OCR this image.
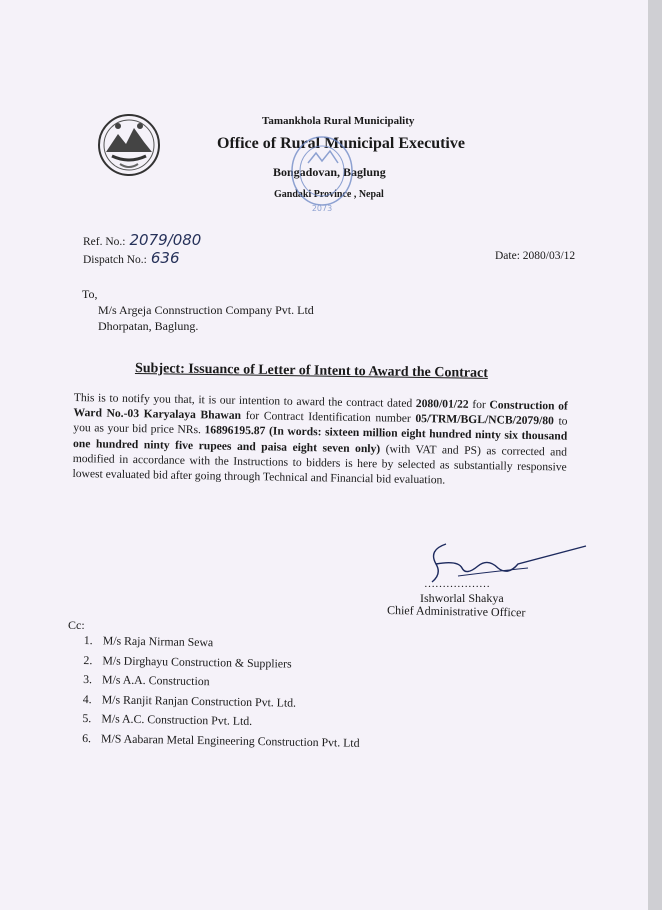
Tamankhola Rural Municipality
Office of Rural Municipal Executive
Bongadovan, Baglung
Gandaki Province , Nepal
2073
Ref. No.: 2079/080
Dispatch No.: 636	Date: 2080/03/12
To,
M/s Argeja Connstruction Company Pvt. Ltd
Dhorpatan, Baglung.
Subject: Issuance of Letter of Intent to Award the Contract
This is to notify you that, it is our intention to award the contract dated 2080/01/22 for Construction of Ward No.-03 Karyalaya Bhawan for Contract Identification number 05/TRM/BGL/NCB/2079/80 to you as your bid price NRs. 16896195.87 (In words: sixteen million eight hundred ninty six thousand one hundred ninty five rupees and paisa eight seven only) (with VAT and PS) as corrected and modified in accordance with the Instructions to bidders is here by selected as substantially responsive lowest evaluated bid after going through Technical and Financial bid evaluation.
………………
Ishworlal Shakya
Chief Administrative Officer
Cc:
1. M/s Raja Nirman Sewa
2. M/s Dirghayu Construction & Suppliers
3. M/s A.A. Construction
4. M/s Ranjit Ranjan Construction Pvt. Ltd.
5. M/s A.C. Construction Pvt. Ltd.
6. M/S Aabaran Metal Engineering Construction Pvt. Ltd
